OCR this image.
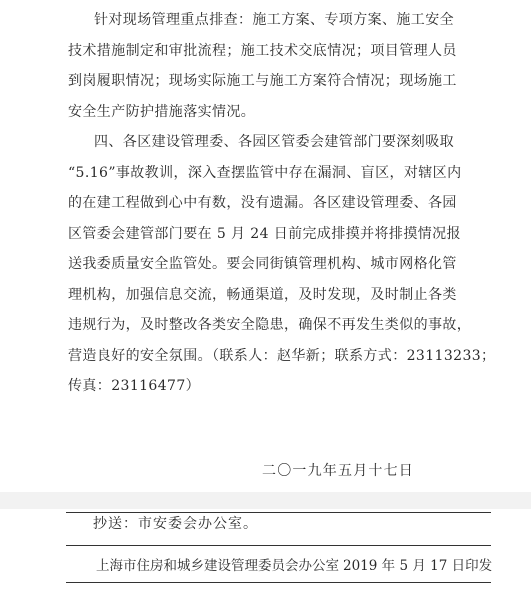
针对现场管理重点排查：施工方案、专项方案、施工安全
技术措施制定和审批流程；施工技术交底情况；项目管理人员
到岗履职情况；现场实际施工与施工方案符合情况；现场施工
安全生产防护措施落实情况。
四、各区建设管理委、各园区管委会建管部门要深刻吸取
“5.16”事故教训，深入查摆监管中存在漏洞、盲区，对辖区内
的在建工程做到心中有数，没有遗漏。各区建设管理委、各园
区管委会建管部门要在 5 月 24 日前完成排摸并将排摸情况报
送我委质量安全监管处。要会同街镇管理机构、城市网格化管
理机构，加强信息交流，畅通渠道，及时发现，及时制止各类
违规行为，及时整改各类安全隐患，确保不再发生类似的事故，
营造良好的安全氛围。（联系人：赵华新；联系方式：23113233；
传真：23116477）
二〇一九年五月十七日
抄送：市安委会办公室。
上海市住房和城乡建设管理委员会办公室 2019 年 5 月 17 日印发
